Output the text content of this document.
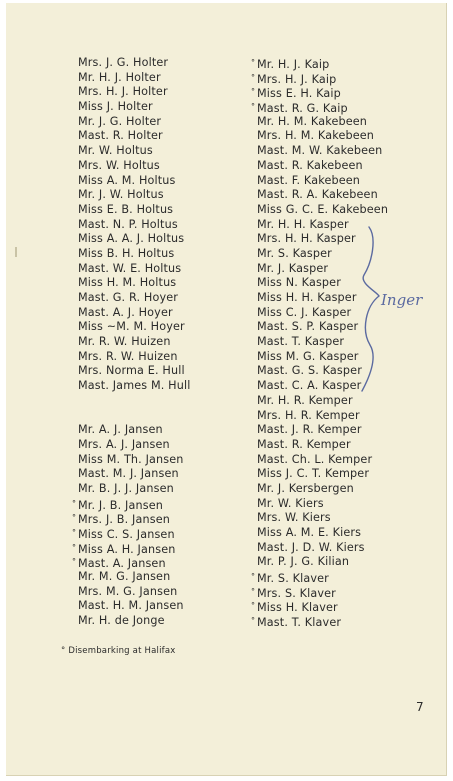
Mrs. J. G. Holter
Mr. H. J. Holter
Mrs. H. J. Holter
Miss J. Holter
Mr. J. G. Holter
Mast. R. Holter
Mr. W. Holtus
Mrs. W. Holtus
Miss A. M. Holtus
Mr. J. W. Holtus
Miss E. B. Holtus
Mast. N. P. Holtus
Miss A. A. J. Holtus
Miss B. H. Holtus
Mast. W. E. Holtus
Miss H. M. Holtus
Mast. G. R. Hoyer
Mast. A. J. Hoyer
Miss ~M. M. Hoyer
Mr. R. W. Huizen
Mrs. R. W. Huizen
Mrs. Norma E. Hull
Mast. James M. Hull
Mr. A. J. Jansen
Mrs. A. J. Jansen
Miss M. Th. Jansen
Mast. M. J. Jansen
Mr. B. J. J. Jansen
° Mr. J. B. Jansen
° Mrs. J. B. Jansen
° Miss C. S. Jansen
° Miss A. H. Jansen
° Mast. A. Jansen
Mr. M. G. Jansen
Mrs. M. G. Jansen
Mast. H. M. Jansen
Mr. H. de Jonge
° Mr. H. J. Kaip
° Mrs. H. J. Kaip
° Miss E. H. Kaip
° Mast. R. G. Kaip
Mr. H. M. Kakebeen
Mrs. H. M. Kakebeen
Mast. M. W. Kakebeen
Mast. R. Kakebeen
Mast. F. Kakebeen
Mast. R. A. Kakebeen
Miss G. C. E. Kakebeen
Mr. H. H. Kasper
Mrs. H. H. Kasper
Mr. S. Kasper
Mr. J. Kasper
Miss N. Kasper
Miss H. H. Kasper
Miss C. J. Kasper
Mast. S. P. Kasper
Mast. T. Kasper
Miss M. G. Kasper
Mast. G. S. Kasper
Mast. C. A. Kasper
Mr. H. R. Kemper
Mrs. H. R. Kemper
Mast. J. R. Kemper
Mast. R. Kemper
Mast. Ch. L. Kemper
Miss J. C. T. Kemper
Mr. J. Kersbergen
Mr. W. Kiers
Mrs. W. Kiers
Miss A. M. E. Kiers
Mast. J. D. W. Kiers
Mr. P. J. G. Kilian
° Mr. S. Klaver
° Mrs. S. Klaver
° Miss H. Klaver
° Mast. T. Klaver
° Disembarking at Halifax
7
Inger
